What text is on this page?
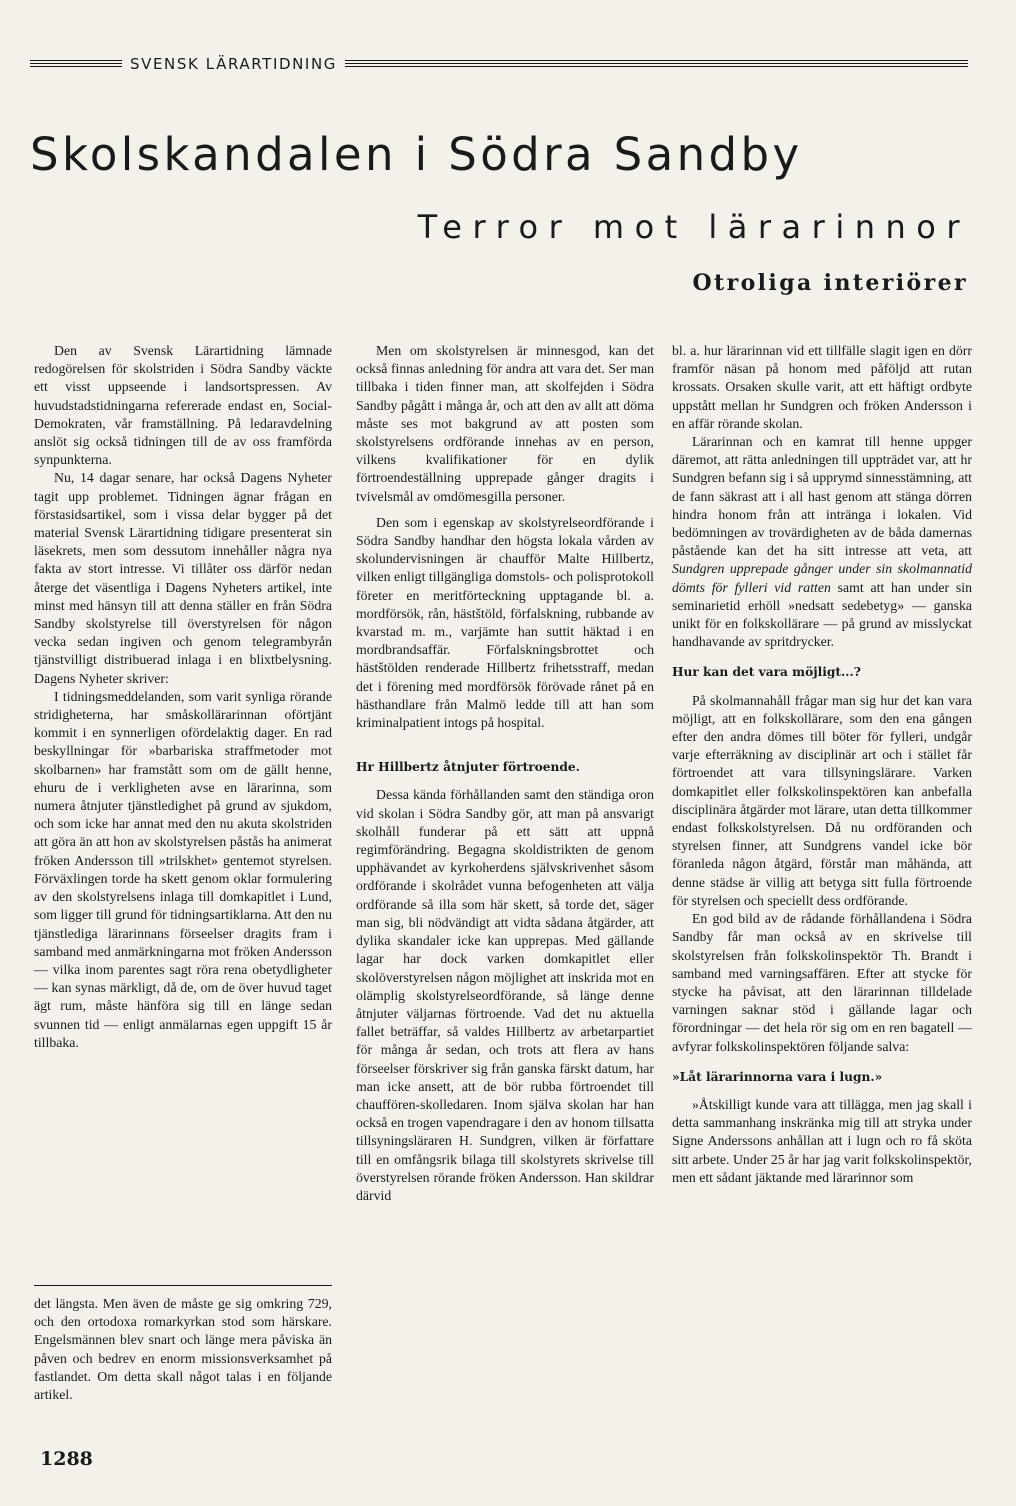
SVENSK LÄRARTIDNING
Skolskandalen i Södra Sandby
Terror mot lärarinnor
Otroliga interiörer

Den av Svensk Lärartidning lämnade redogörelsen för skolstriden i Södra Sandby väckte ett visst uppseende i landsortspressen. Av huvudstadstidningarna refererade endast en, Social-Demokraten, vår framställning. På ledaravdelning anslöt sig också tidningen till de av oss framförda synpunkterna.

Nu, 14 dagar senare, har också Dagens Nyheter tagit upp problemet. Tidningen ägnar frågan en förstasidsartikel, som i vissa delar bygger på det material Svensk Lärartidning tidigare presenterat sin läsekrets, men som dessutom innehåller några nya fakta av stort intresse. Vi tillåter oss därför nedan återge det väsentliga i Dagens Nyheters artikel, inte minst med hänsyn till att denna ställer en från Södra Sandby skolstyrelse till överstyrelsen för någon vecka sedan ingiven och genom telegrambyrån tjänstvilligt distribuerad inlaga i en blixtbelysning. Dagens Nyheter skriver:

I tidningsmeddelanden, som varit synliga rörande stridigheterna, har småskollärarinnan oförtjänt kommit i en synnerligen ofördelaktig dager. En rad beskyllningar för »barbariska straffmetoder mot skolbarnen» har framstått som om de gällt henne, ehuru de i verkligheten avse en lärarinna, som numera åtnjuter tjänstledighet på grund av sjukdom, och som icke har annat med den nu akuta skolstriden att göra än att hon av skolstyrelsen påstås ha animerat fröken Andersson till »trilskhet» gentemot styrelsen. Förväxlingen torde ha skett genom oklar formulering av den skolstyrelsens inlaga till domkapitlet i Lund, som ligger till grund för tidningsartiklarna. Att den nu tjänstlediga lärarinnans förseelser dragits fram i samband med anmärkningarna mot fröken Andersson — vilka inom parentes sagt röra rena obetydligheter — kan synas märkligt, då de, om de över huvud taget ägt rum, måste hänföra sig till en länge sedan svunnen tid — enligt anmälarnas egen uppgift 15 år tillbaka.

det längsta. Men även de måste ge sig omkring 729, och den ortodoxa romarkyrkan stod som härskare. Engelsmännen blev snart och länge mera påviska än påven och bedrev en enorm missionsverksamhet på fastlandet. Om detta skall något talas i en följande artikel.

Men om skolstyrelsen är minnesgod, kan det också finnas anledning för andra att vara det. Ser man tillbaka i tiden finner man, att skolfejden i Södra Sandby pågått i många år, och att den av allt att döma måste ses mot bakgrund av att posten som skolstyrelsens ordförande innehas av en person, vilkens kvalifikationer för en dylik förtroendeställning upprepade gånger dragits i tvivelsmål av omdömesgilla personer.

Den som i egenskap av skolstyrelseordförande i Södra Sandby handhar den högsta lokala vården av skolundervisningen är chaufför Malte Hillbertz, vilken enligt tillgängliga domstols- och polisprotokoll företer en meritförteckning upptagande bl. a. mordförsök, rån, hästštöld, förfalskning, rubbande av kvarstad m. m., varjämte han suttit häktad i en mordbrandsaffär. Förfalskningsbrottet och hästštölden renderade Hillbertz frihetsstraff, medan det i förening med mordförsök förövade rånet på en hästhandlare från Malmö ledde till att han som kriminalpatient intogs på hospital.

Hr Hillbertz åtnjuter förtroende.

Dessa kända förhållanden samt den ständiga oron vid skolan i Södra Sandby gör, att man på ansvarigt skolhåll funderar på ett sätt att uppnå regimförändring. Begagna skoldistrikten de genom upphävandet av kyrkoherdens självskrivenhet såsom ordförande i skolrådet vunna befogenheten att välja ordförande så illa som här skett, så torde det, säger man sig, bli nödvändigt att vidta sådana åtgärder, att dylika skandaler icke kan upprepas. Med gällande lagar har dock varken domkapitlet eller skolöverstyrelsen någon möjlighet att inskrida mot en olämplig skolstyrelseordförande, så länge denne åtnjuter väljarnas förtroende. Vad det nu aktuella fallet beträffar, så valdes Hillbertz av arbetarpartiet för många år sedan, och trots att flera av hans förseelser förskriver sig från ganska färskt datum, har man icke ansett, att de bör rubba förtroendet till chauffören-skolledaren. Inom själva skolan har han också en trogen vapendragare i den av honom tillsatta tillsyningsläraren H. Sundgren, vilken är författare till en omfångsrik bilaga till skolstyrets skrivelse till överstyrelsen rörande fröken Andersson. Han skildrar därvid

bl. a. hur lärarinnan vid ett tillfälle slagit igen en dörr framför näsan på honom med påföljd att rutan krossats. Orsaken skulle varit, att ett häftigt ordbyte uppstått mellan hr Sundgren och fröken Andersson i en affär rörande skolan.

Lärarinnan och en kamrat till henne uppger däremot, att rätta anledningen till uppträdet var, att hr Sundgren befann sig i så upprymd sinnesstämning, att de fann säkrast att i all hast genom att stänga dörren hindra honom från att intränga i lokalen. Vid bedömningen av trovärdigheten av de båda damernas påstående kan det ha sitt intresse att veta, att Sundgren upprepade gånger under sin skolmannatid dömts för fylleri vid ratten samt att han under sin seminarietid erhöll »nedsatt sedebetyg» — ganska unikt för en folkskollärare — på grund av misslyckat handhavande av spritdrycker.

Hur kan det vara möjligt...?

På skolmannahåll frågar man sig hur det kan vara möjligt, att en folkskollärare, som den ena gången efter den andra dömes till böter för fylleri, undgår varje efterräkning av disciplinär art och i stället får förtroendet att vara tillsyningslärare. Varken domkapitlet eller folkskolinspektören kan anbefalla disciplinära åtgärder mot lärare, utan detta tillkommer endast folkskolstyrelsen. Då nu ordföranden och styrelsen finner, att Sundgrens vandel icke bör föranleda någon åtgärd, förstår man måhända, att denne städse är villig att betyga sitt fulla förtroende för styrelsen och speciellt dess ordförande.

En god bild av de rådande förhållandena i Södra Sandby får man också av en skrivelse till skolstyrelsen från folkskolinspektör Th. Brandt i samband med varningsaffären. Efter att stycke för stycke ha påvisat, att den lärarinnan tilldelade varningen saknar stöd i gällande lagar och förordningar — det hela rör sig om en ren bagatell — avfyrar folkskolinspektören följande salva:

»Låt lärarinnorna vara i lugn.»

»Åtskilligt kunde vara att tillägga, men jag skall i detta sammanhang inskränka mig till att stryka under Signe Anderssons anhållan att i lugn och ro få sköta sitt arbete. Under 25 år har jag varit folkskolinspektör, men ett sådant jäktande med lärarinnor som

1288
